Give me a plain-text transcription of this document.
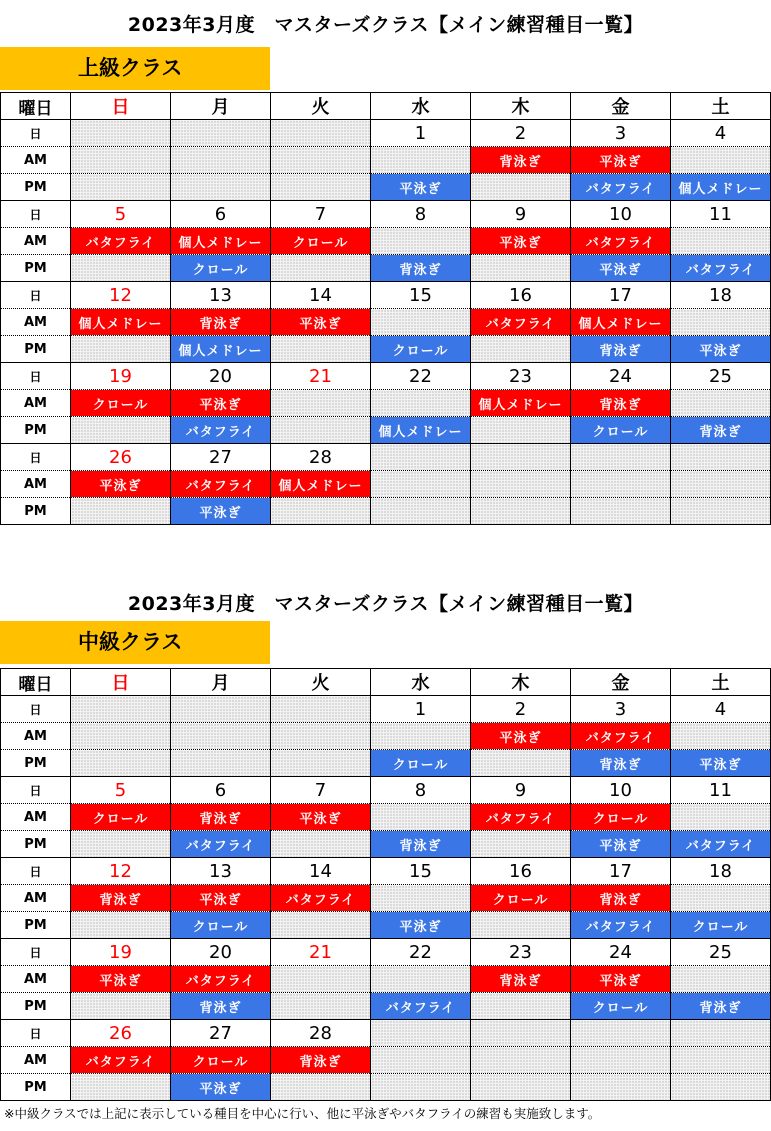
2023年3月度　マスターズクラス【メイン練習種目一覧】
上級クラス
曜日	日	月	火	水	木	金	土
日				1	2	3	4
AM					背泳ぎ	平泳ぎ	
PM				平泳ぎ		バタフライ	個人メドレー
日	5	6	7	8	9	10	11
AM	バタフライ	個人メドレー	クロール		平泳ぎ	バタフライ	
PM		クロール		背泳ぎ		平泳ぎ	バタフライ
日	12	13	14	15	16	17	18
AM	個人メドレー	背泳ぎ	平泳ぎ		バタフライ	個人メドレー	
PM		個人メドレー		クロール		背泳ぎ	平泳ぎ
日	19	20	21	22	23	24	25
AM	クロール	平泳ぎ			個人メドレー	背泳ぎ	
PM		バタフライ		個人メドレー		クロール	背泳ぎ
日	26	27	28				
AM	平泳ぎ	バタフライ	個人メドレー				
PM		平泳ぎ					
2023年3月度　マスターズクラス【メイン練習種目一覧】
中級クラス
曜日	日	月	火	水	木	金	土
日				1	2	3	4
AM					平泳ぎ	バタフライ	
PM				クロール		背泳ぎ	平泳ぎ
日	5	6	7	8	9	10	11
AM	クロール	背泳ぎ	平泳ぎ		バタフライ	クロール	
PM		バタフライ		背泳ぎ		平泳ぎ	バタフライ
日	12	13	14	15	16	17	18
AM	背泳ぎ	平泳ぎ	バタフライ		クロール	背泳ぎ	
PM		クロール		平泳ぎ		バタフライ	クロール
日	19	20	21	22	23	24	25
AM	平泳ぎ	バタフライ			背泳ぎ	平泳ぎ	
PM		背泳ぎ		バタフライ		クロール	背泳ぎ
日	26	27	28				
AM	バタフライ	クロール	背泳ぎ				
PM		平泳ぎ					
※中級クラスでは上記に表示している種目を中心に行い、他に平泳ぎやバタフライの練習も実施致します。
